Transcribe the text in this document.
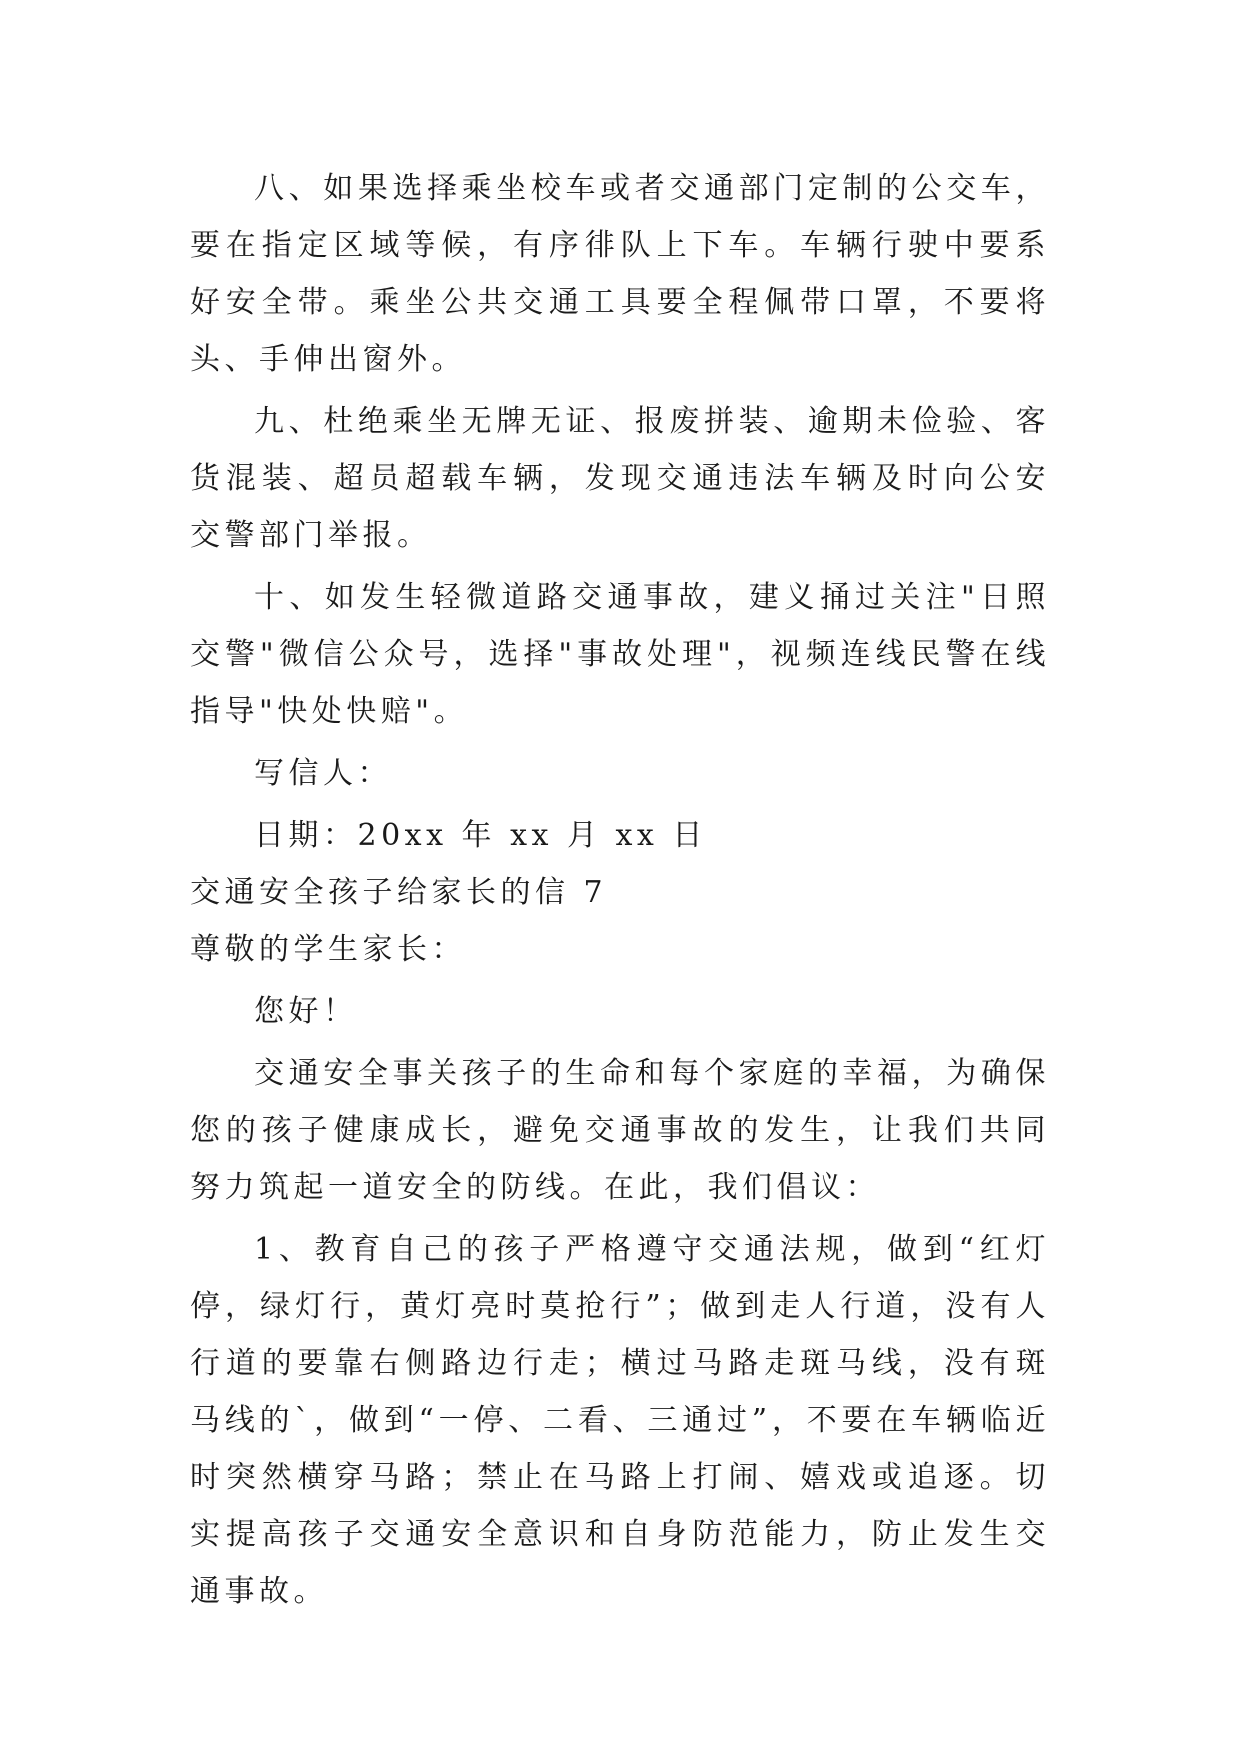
八、如果选择乘坐校车或者交通部门定制的公交车，要在指定区域等候，有序徘队上下车。车辆行驶中要系好安全带。乘坐公共交通工具要全程佩带口罩，不要将头、手伸出窗外。

九、杜绝乘坐无牌无证、报废拼装、逾期未俭验、客货混装、超员超载车辆，发现交通违法车辆及时向公安交警部门举报。

十、如发生轻微道路交通事故，建义捅过关注"日照交警"微信公众号，选择"事故处理"，视频连线民警在线指导"快处快赔"。

写信人：

日期：20xx 年 xx 月 xx 日

交通安全孩子给家长的信 7

尊敬的学生家长：

您好！

交通安全事关孩子的生命和每个家庭的幸福，为确保您的孩子健康成长，避免交通事故的发生，让我们共同努力筑起一道安全的防线。在此，我们倡议：

1、教育自己的孩子严格遵守交通法规，做到“红灯停，绿灯行，黄灯亮时莫抢行”；做到走人行道，没有人行道的要靠右侧路边行走；横过马路走斑马线，没有斑马线的`，做到“一停、二看、三通过”，不要在车辆临近时突然横穿马路；禁止在马路上打闹、嬉戏或追逐。切实提高孩子交通安全意识和自身防范能力，防止发生交通事故。
